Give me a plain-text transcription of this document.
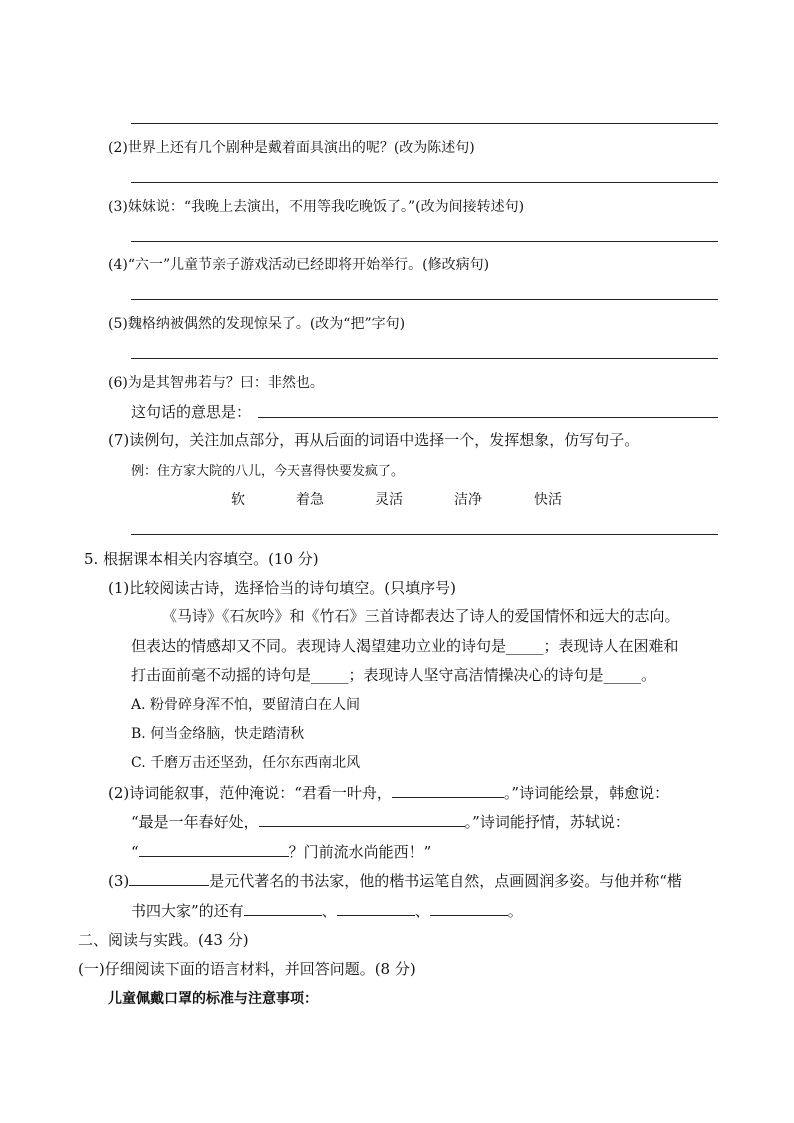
(2)世界上还有几个剧种是戴着面具演出的呢？(改为陈述句)
(3)妹妹说：“我晚上去演出，不用等我吃晚饭了。”(改为间接转述句)
(4)“六一”儿童节亲子游戏活动已经即将开始举行。(修改病句)
(5)魏格纳被偶然的发现惊呆了。(改为“把”字句)
(6)为是其智弗若与？曰：非然也。
这句话的意思是：
(7)读例句，关注加点部分，再从后面的词语中选择一个，发挥想象，仿写句子。
例：住方家大院的八儿，今天喜得快要发疯了。
软	着急	灵活	洁净	快活
5. 根据课本相关内容填空。(10 分)
(1)比较阅读古诗，选择恰当的诗句填空。(只填序号)
《马诗》《石灰吟》和《竹石》三首诗都表达了诗人的爱国情怀和远大的志向。
但表达的情感却又不同。表现诗人渴望建功立业的诗句是_____；表现诗人在困难和
打击面前毫不动摇的诗句是_____；表现诗人坚守高洁情操决心的诗句是_____。
A. 粉骨碎身浑不怕，要留清白在人间
B. 何当金络脑，快走踏清秋
C. 千磨万击还坚劲，任尔东西南北风
(2)诗词能叙事，范仲淹说：“君看一叶舟，	。”诗词能绘景，韩愈说：
“最是一年春好处，	。”诗词能抒情，苏轼说：
“	？门前流水尚能西！”
(3)	是元代著名的书法家，他的楷书运笔自然，点画圆润多姿。与他并称“楷
书四大家”的还有	、	、	。
二、阅读与实践。(43 分)
(一)仔细阅读下面的语言材料，并回答问题。(8 分)
儿童佩戴口罩的标准与注意事项：
